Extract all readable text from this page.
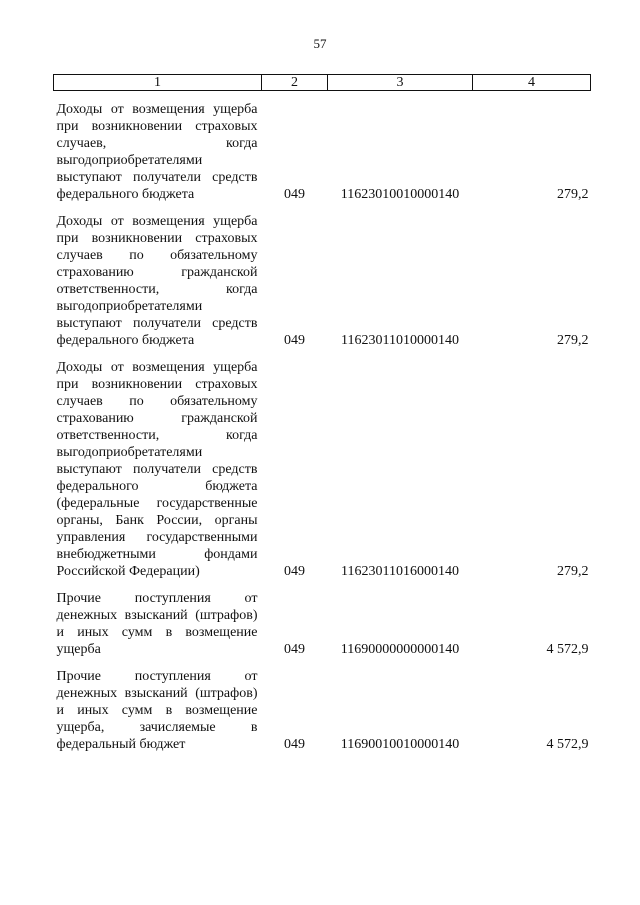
57
1	2	3	4
Доходы от возмещения ущерба при возникновении страховых случаев, когда выгодоприобретателями выступают получатели средств федерального бюджета	049	11623010010000140	279,2
Доходы от возмещения ущерба при возникновении страховых случаев по обязательному страхованию гражданской ответственности, когда выгодоприобретателями выступают получатели средств федерального бюджета	049	11623011010000140	279,2
Доходы от возмещения ущерба при возникновении страховых случаев по обязательному страхованию гражданской ответственности, когда выгодоприобретателями выступают получатели средств федерального бюджета (федеральные государственные органы, Банк России, органы управления государственными внебюджетными фондами Российской Федерации)	049	11623011016000140	279,2
Прочие поступления от денежных взысканий (штрафов) и иных сумм в возмещение ущерба	049	11690000000000140	4 572,9
Прочие поступления от денежных взысканий (штрафов) и иных сумм в возмещение ущерба, зачисляемые в федеральный бюджет	049	11690010010000140	4 572,9
